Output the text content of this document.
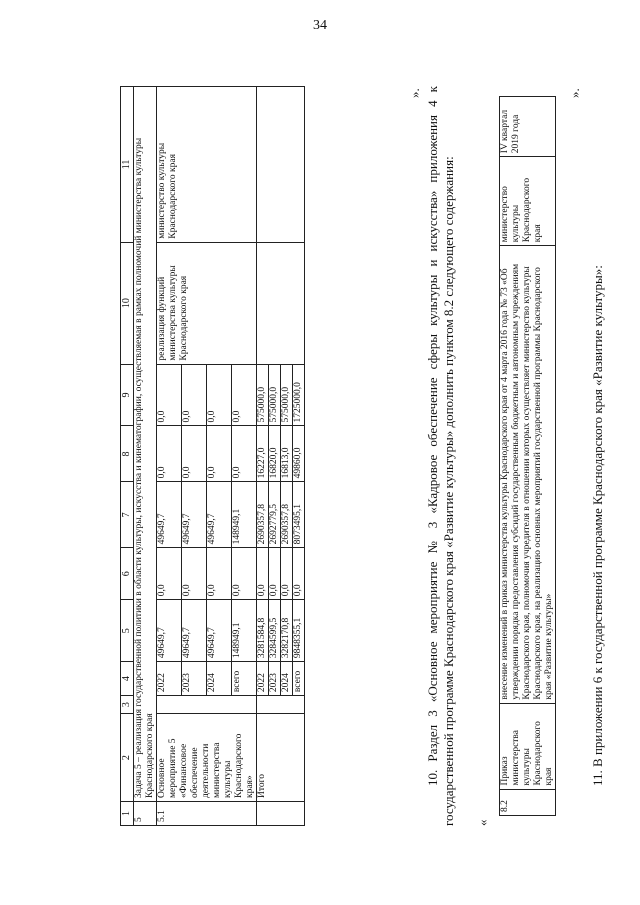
34
1	2	3	4	5	6	7	8	9	10	11
5	Задача 5 – реализация государственной политики в области культуры, искусства и кинематографии, осуществляемая в рамках полномочий министерства культуры Краснодарского края									
5.1	Основное мероприятие 5 «Финансовое обеспечение деятельности министерства культуры Краснодарского края»		2022	49649,7	0,0	49649,7	0,0	0,0	реализация функций министерства культуры Краснодарского края	министерство культуры Краснодарского края
			2023	49649,7	0,0	49649,7	0,0	0,0		
			2024	49649,7	0,0	49649,7	0,0	0,0		
			всего	148949,1	0,0	148949,1	0,0	0,0		
	Итого		2022	3281584,8	0,0	2690357,8	16227,0	575000,0		
			2023	3284599,5	0,0	2692779,5	16820,0	575000,0		
			2024	3282170,8	0,0	2690357,8	16813,0	575000,0		
			всего	9848355,1	0,0	8073495,1	49860,0	1725000,0		
». 10. Раздел 3 «Основное мероприятие № 3 «Кадровое обеспечение сферы культуры и искусства» приложения 4 к государственной программе Краснодарского края «Развитие культуры» дополнить пунктом 8.2 следующего содержания: «
8.2	Приказ министерства культуры Краснодарского края	внесение изменений в приказ министерства культуры Краснодарского края от 4 марта 2016 года № 73 «Об утверждении порядка предоставления субсидий государственным бюджетным и автономным учреждениям Краснодарского края, полномочия учредителя в отношении которых осуществляет министерство культуры Краснодарского края, на реализацию основных мероприятий государственной программы Краснодарского края «Развитие культуры»	министерство культуры Краснодарского края	IV квартал 2019 года
».
11. В приложении 6 к государственной программе Краснодарского края «Развитие культуры»:
